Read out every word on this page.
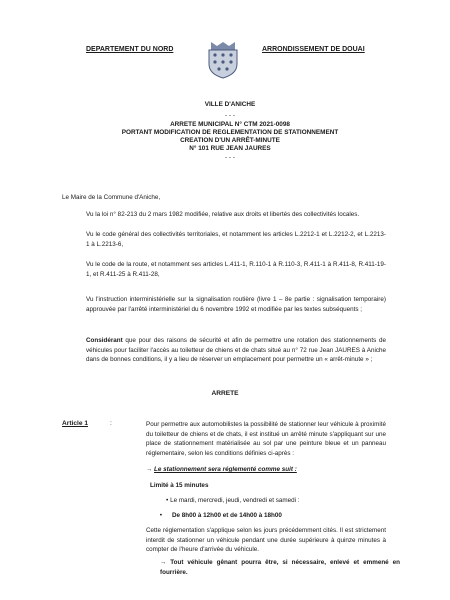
DEPARTEMENT DU NORD	ARRONDISSEMENT DE DOUAI
VILLE D'ANICHE
- - -
ARRETE MUNICIPAL N° CTM 2021-0098
PORTANT MODIFICATION DE REGLEMENTATION DE STATIONNEMENT
CREATION D'UN ARRÊT-MINUTE
N° 101 RUE JEAN JAURES
- - -
Le Maire de la Commune d'Aniche,
Vu la loi n° 82-213 du 2 mars 1982 modifiée, relative aux droits et libertés des collectivités locales.
Vu le code général des collectivités territoriales, et notamment les articles L.2212-1 et L.2212-2, et L.2213-1 à L.2213-6,
Vu le code de la route, et notamment ses articles L.411-1, R.110-1 à R.110-3, R.411-1 à R.411-8, R.411-19-1, et R.411-25 à R.411-28,
Vu l'instruction interministérielle sur la signalisation routière (livre 1 – 8e partie : signalisation temporaire) approuvée par l'arrêté interministériel du 6 novembre 1992 et modifiée par les textes subséquents ;
Considérant que pour des raisons de sécurité et afin de permettre une rotation des stationnements de véhicules pour faciliter l'accès au toiletteur de chiens et de chats situé au n° 72 rue Jean JAURES à Aniche dans de bonnes conditions, il y a lieu de réserver un emplacement pour permettre un « arrêt-minute » ;
ARRETE
Article 1	:	Pour permettre aux automobilistes la possibilité de stationner leur véhicule à proximité du toiletteur de chiens et de chats, il est institué un arrêté minute s'appliquant sur une place de stationnement matérialisée au sol par une peinture bleue et un panneau réglementaire, selon les conditions définies ci-après :
→ Le stationnement sera réglementé comme suit :
Limité à 15 minutes
• Le mardi, mercredi, jeudi, vendredi et samedi :
• De 8h00 à 12h00 et de 14h00 à 18h00
Cette réglementation s'applique selon les jours précédemment cités. Il est strictement interdit de stationner un véhicule pendant une durée supérieure à quinze minutes à compter de l'heure d'arrivée du véhicule.
→ Tout véhicule gênant pourra être, si nécessaire, enlevé et emmené en fourrière.
